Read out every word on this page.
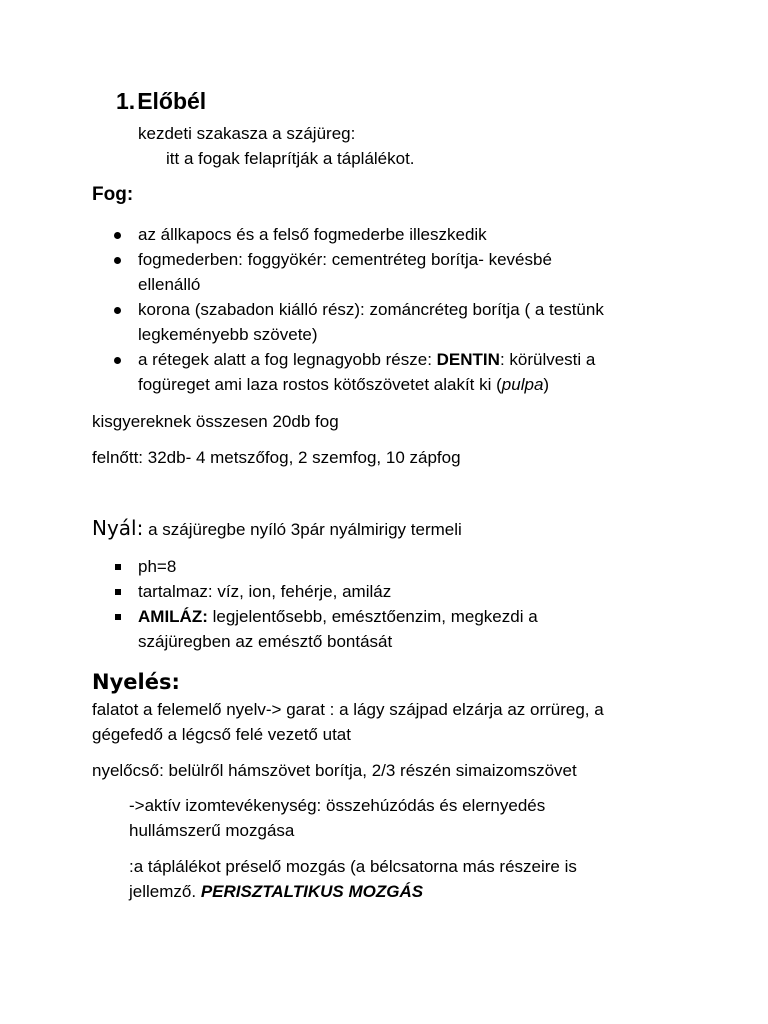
1.Előbél
kezdeti szakasza a szájüreg:
itt a fogak felaprítják a táplálékot.
Fog:
az állkapocs és a felső fogmederbe illeszkedik
fogmederben: foggyökér: cementréteg borítja- kevésbé
ellenálló
korona (szabadon kiálló rész): zománcréteg borítja ( a testünk
legkeményebb szövete)
a rétegek alatt a fog legnagyobb része: DENTIN: körülvesti a
fogüreget ami laza rostos kötőszövetet alakít ki (pulpa)
kisgyereknek összesen 20db fog
felnőtt: 32db- 4 metszőfog, 2 szemfog, 10 zápfog
Nyál: a szájüregbe nyíló 3pár nyálmirigy termeli
ph=8
tartalmaz: víz, ion, fehérje, amiláz
AMILÁZ: legjelentősebb, emésztőenzim, megkezdi a
szájüregben az emésztő bontását
Nyelés:
falatot a felemelő nyelv-> garat : a lágy szájpad elzárja az orrüreg, a
gégefedő a légcső felé vezető utat
nyelőcső: belülről hámszövet borítja, 2/3 részén simaizomszövet
->aktív izomtevékenység: összehúzódás és elernyedés
hullámszerű mozgása
:a táplálékot préselő mozgás (a bélcsatorna más részeire is
jellemző. PERISZTALTIKUS MOZGÁS
